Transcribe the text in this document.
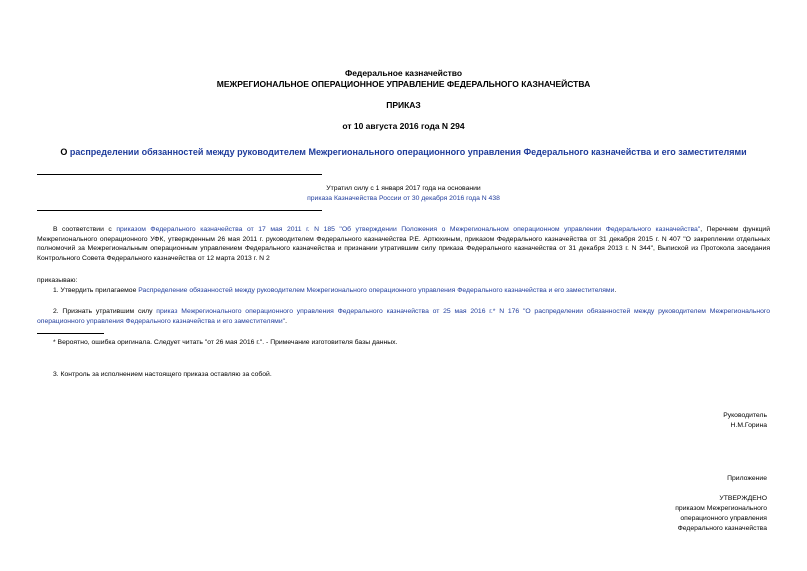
Федеральное казначейство
МЕЖРЕГИОНАЛЬНОЕ ОПЕРАЦИОННОЕ УПРАВЛЕНИЕ ФЕДЕРАЛЬНОГО КАЗНАЧЕЙСТВА
ПРИКАЗ
от 10 августа 2016 года N 294
О распределении обязанностей между руководителем Межрегионального операционного управления Федерального казначейства и его заместителями
Утратил силу с 1 января 2017 года на основании
приказа Казначейства России от 30 декабря 2016 года N 438
В соответствии с приказом Федерального казначейства от 17 мая 2011 г. N 185 "Об утверждении Положения о Межрегиональном операционном управлении Федерального казначейства", Перечнем функций Межрегионального операционного УФК, утвержденным 26 мая 2011 г. руководителем Федерального казначейства Р.Е. Артюхиным, приказом Федерального казначейства от 31 декабря 2015 г. N 407 "О закреплении отдельных полномочий за Межрегиональным операционным управлением Федерального казначейства и признании утратившим силу приказа Федерального казначейства от 31 декабря 2013 г. N 344", Выпиской из Протокола заседания Контрольного Совета Федерального казначейства от 12 марта 2013 г. N 2
приказываю:
1. Утвердить прилагаемое Распределение обязанностей между руководителем Межрегионального операционного управления Федерального казначейства и его заместителями.
2. Признать утратившим силу приказ Межрегионального операционного управления Федерального казначейства от 25 мая 2016 г.* N 176 "О распределении обязанностей между руководителем Межрегионального операционного управления Федерального казначейства и его заместителями".
* Вероятно, ошибка оригинала. Следует читать "от 26 мая 2016 г.". - Примечание изготовителя базы данных.
3. Контроль за исполнением настоящего приказа оставляю за собой.
Руководитель
Н.М.Горина
Приложение
УТВЕРЖДЕНО
приказом Межрегионального
операционного управления
Федерального казначейства
